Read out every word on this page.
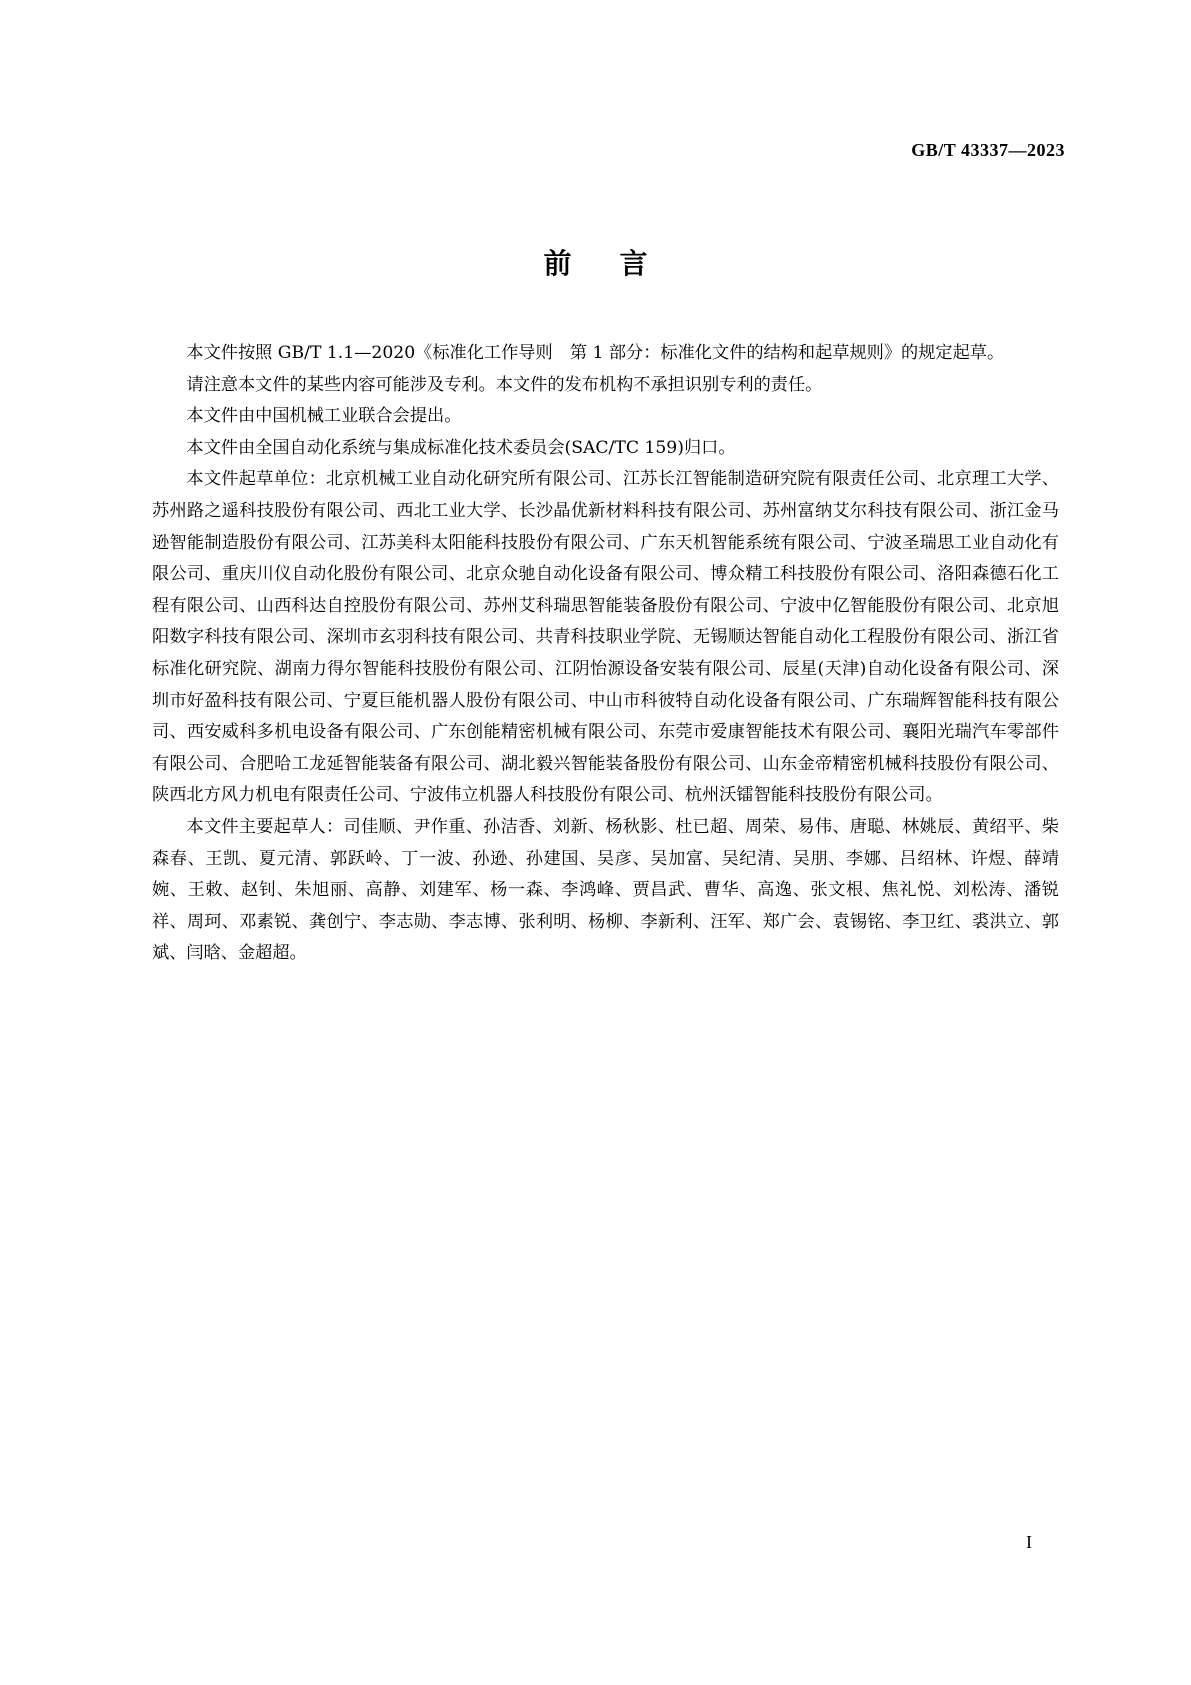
GB/T 43337—2023
前言

本文件按照 GB/T 1.1—2020《标准化工作导则　第 1 部分：标准化文件的结构和起草规则》的规定起草。

请注意本文件的某些内容可能涉及专利。本文件的发布机构不承担识别专利的责任。

本文件由中国机械工业联合会提出。

本文件由全国自动化系统与集成标准化技术委员会(SAC/TC 159)归口。

本文件起草单位：北京机械工业自动化研究所有限公司、江苏长江智能制造研究院有限责任公司、北京理工大学、苏州路之遥科技股份有限公司、西北工业大学、长沙晶优新材料科技有限公司、苏州富纳艾尔科技有限公司、浙江金马逊智能制造股份有限公司、江苏美科太阳能科技股份有限公司、广东天机智能系统有限公司、宁波圣瑞思工业自动化有限公司、重庆川仪自动化股份有限公司、北京众驰自动化设备有限公司、博众精工科技股份有限公司、洛阳森德石化工程有限公司、山西科达自控股份有限公司、苏州艾科瑞思智能装备股份有限公司、宁波中亿智能股份有限公司、北京旭阳数字科技有限公司、深圳市玄羽科技有限公司、共青科技职业学院、无锡顺达智能自动化工程股份有限公司、浙江省标准化研究院、湖南力得尔智能科技股份有限公司、江阴怡源设备安装有限公司、辰星(天津)自动化设备有限公司、深圳市好盈科技有限公司、宁夏巨能机器人股份有限公司、中山市科彼特自动化设备有限公司、广东瑞辉智能科技有限公司、西安威科多机电设备有限公司、广东创能精密机械有限公司、东莞市爱康智能技术有限公司、襄阳光瑞汽车零部件有限公司、合肥哈工龙延智能装备有限公司、湖北毅兴智能装备股份有限公司、山东金帝精密机械科技股份有限公司、陕西北方风力机电有限责任公司、宁波伟立机器人科技股份有限公司、杭州沃镭智能科技股份有限公司。

本文件主要起草人：司佳顺、尹作重、孙洁香、刘新、杨秋影、杜已超、周荣、易伟、唐聪、林姚辰、黄绍平、柴森春、王凯、夏元清、郭跃岭、丁一波、孙逊、孙建国、吴彦、吴加富、吴纪清、吴朋、李娜、吕绍林、许煜、薛靖婉、王敕、赵钊、朱旭丽、高静、刘建军、杨一森、李鸿峰、贾昌武、曹华、高逸、张文根、焦礼悦、刘松涛、潘锐祥、周珂、邓素锐、龚创宁、李志勋、李志博、张利明、杨柳、李新利、汪军、郑广会、袁锡铭、李卫红、裘洪立、郭斌、闫晗、金超超。

I
